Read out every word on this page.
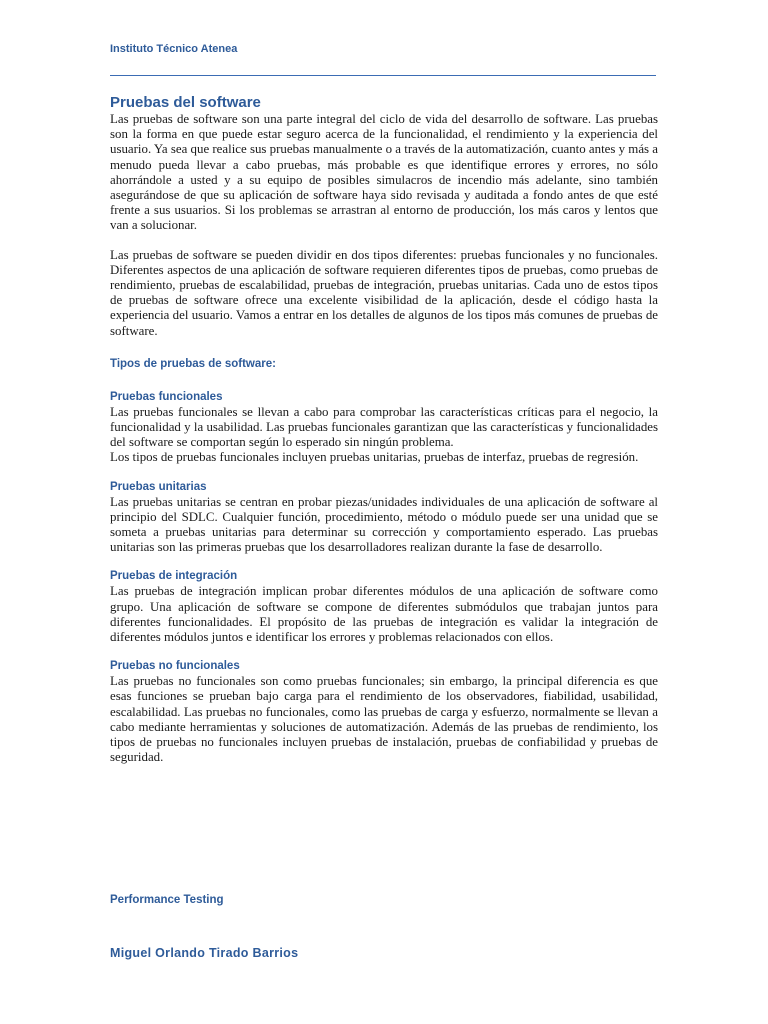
Instituto Técnico Atenea
Pruebas del software

Las pruebas de software son una parte integral del ciclo de vida del desarrollo de software. Las pruebas son la forma en que puede estar seguro acerca de la funcionalidad, el rendimiento y la experiencia del usuario. Ya sea que realice sus pruebas manualmente o a través de la automatización, cuanto antes y más a menudo pueda llevar a cabo pruebas, más probable es que identifique errores y errores, no sólo ahorrándole a usted y a su equipo de posibles simulacros de incendio más adelante, sino también asegurándose de que su aplicación de software haya sido revisada y auditada a fondo antes de que esté frente a sus usuarios. Si los problemas se arrastran al entorno de producción, los más caros y lentos que van a solucionar.

Las pruebas de software se pueden dividir en dos tipos diferentes: pruebas funcionales y no funcionales. Diferentes aspectos de una aplicación de software requieren diferentes tipos de pruebas, como pruebas de rendimiento, pruebas de escalabilidad, pruebas de integración, pruebas unitarias. Cada uno de estos tipos de pruebas de software ofrece una excelente visibilidad de la aplicación, desde el código hasta la experiencia del usuario. Vamos a entrar en los detalles de algunos de los tipos más comunes de pruebas de software.

Tipos de pruebas de software:
Pruebas funcionales

Las pruebas funcionales se llevan a cabo para comprobar las características críticas para el negocio, la funcionalidad y la usabilidad. Las pruebas funcionales garantizan que las características y funcionalidades del software se comportan según lo esperado sin ningún problema.

Los tipos de pruebas funcionales incluyen pruebas unitarias, pruebas de interfaz, pruebas de regresión.

Pruebas unitarias

Las pruebas unitarias se centran en probar piezas/unidades individuales de una aplicación de software al principio del SDLC. Cualquier función, procedimiento, método o módulo puede ser una unidad que se someta a pruebas unitarias para determinar su corrección y comportamiento esperado. Las pruebas unitarias son las primeras pruebas que los desarrolladores realizan durante la fase de desarrollo.

Pruebas de integración

Las pruebas de integración implican probar diferentes módulos de una aplicación de software como grupo. Una aplicación de software se compone de diferentes submódulos que trabajan juntos para diferentes funcionalidades. El propósito de las pruebas de integración es validar la integración de diferentes módulos juntos e identificar los errores y problemas relacionados con ellos.

Pruebas no funcionales

Las pruebas no funcionales son como pruebas funcionales; sin embargo, la principal diferencia es que esas funciones se prueban bajo carga para el rendimiento de los observadores, fiabilidad, usabilidad, escalabilidad. Las pruebas no funcionales, como las pruebas de carga y esfuerzo, normalmente se llevan a cabo mediante herramientas y soluciones de automatización. Además de las pruebas de rendimiento, los tipos de pruebas no funcionales incluyen pruebas de instalación, pruebas de confiabilidad y pruebas de seguridad.

Performance Testing
Miguel Orlando Tirado Barrios
